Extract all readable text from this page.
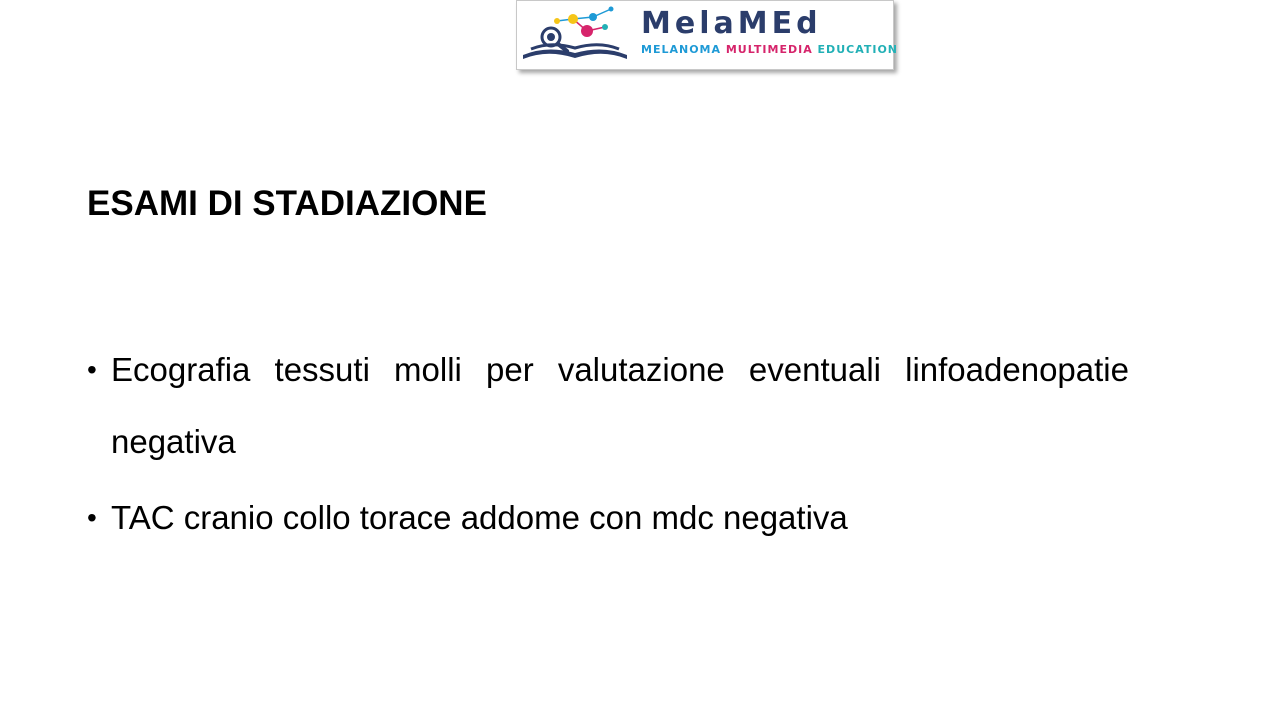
MelaMEd
MELANOMA MULTIMEDIA EDUCATION
ESAMI DI STADIAZIONE
• Ecografia tessuti molli per valutazione eventuali linfoadenopatie negativa
• TAC cranio collo torace addome con mdc negativa
